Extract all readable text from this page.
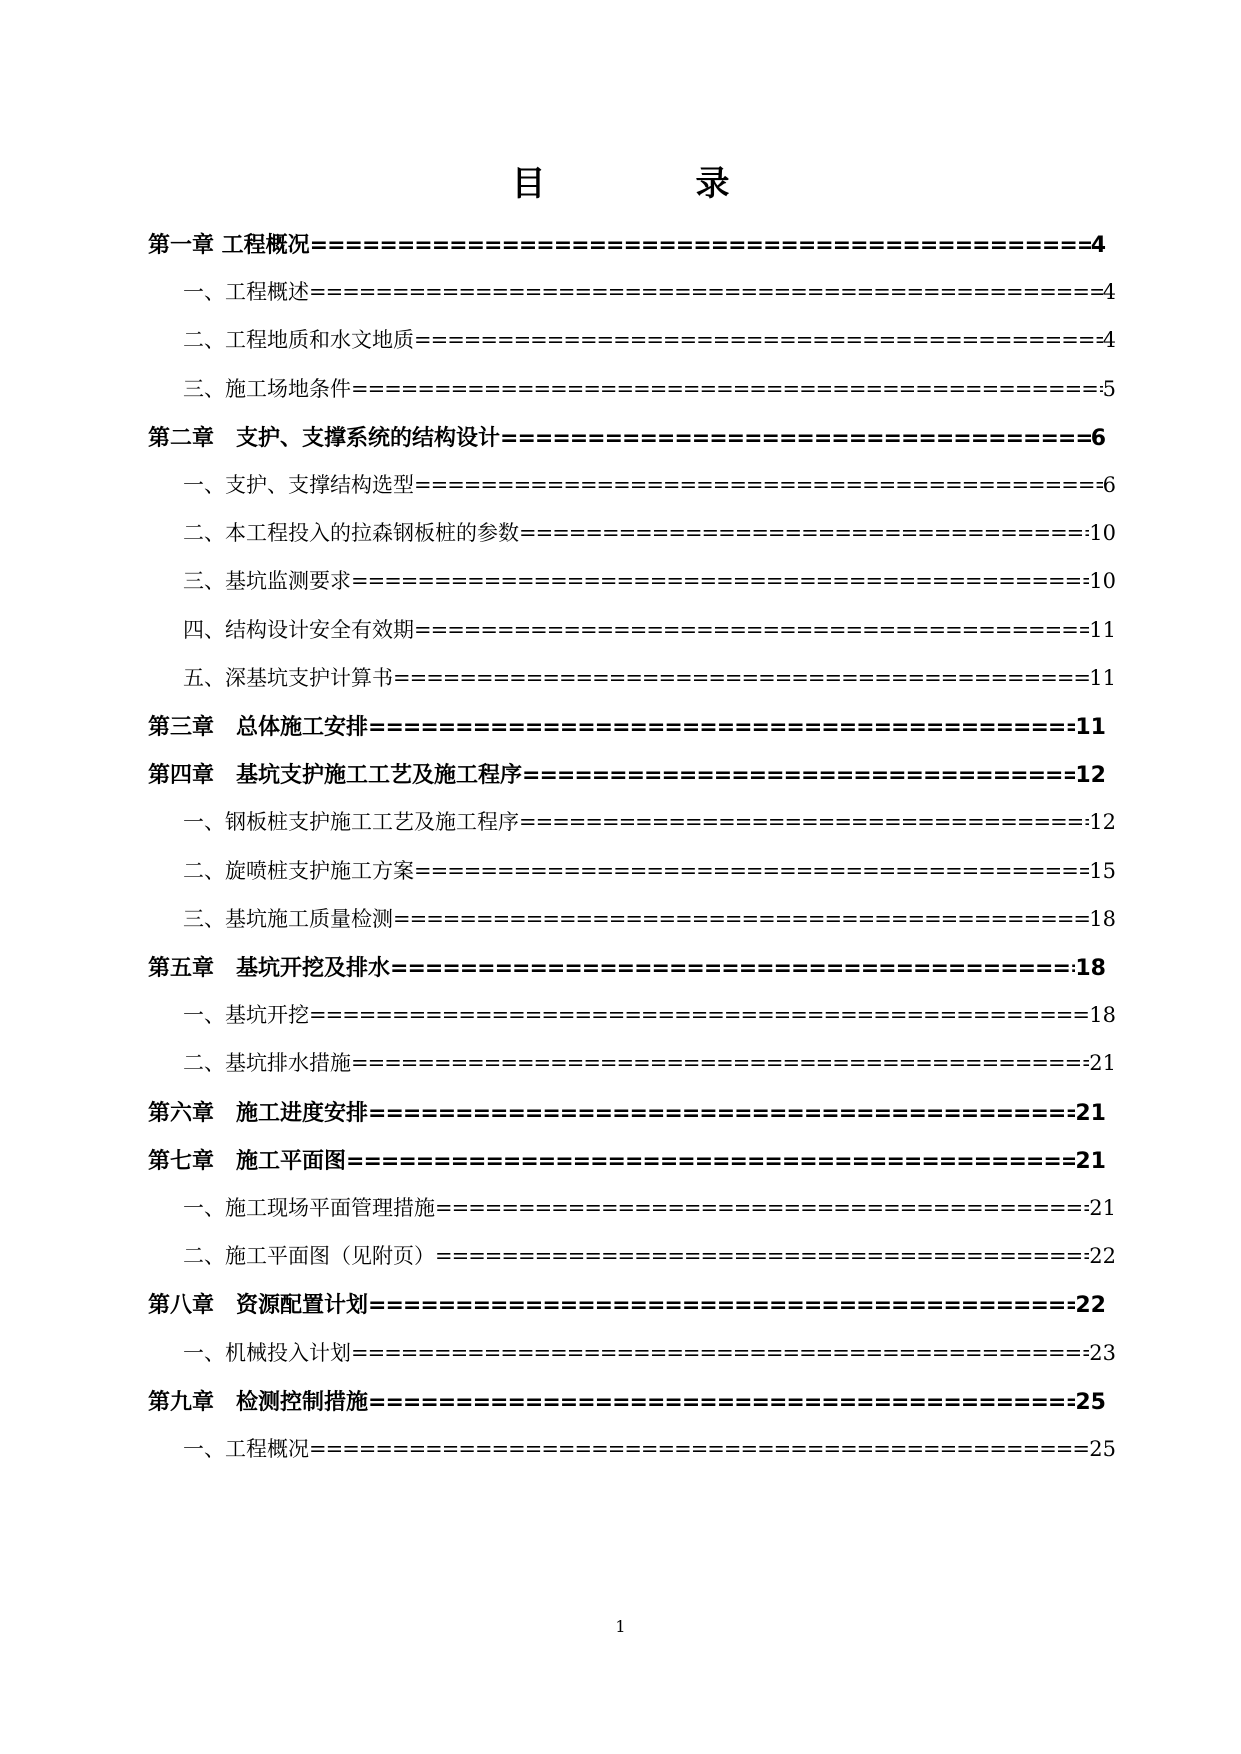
目　录
第一章 工程概况 =====	4
一、工程概述 =====	4
二、工程地质和水文地质 =====	4
三、施工场地条件 =====	5
第二章　支护、支撑系统的结构设计 =====	6
一、支护、支撑结构选型 =====	6
二、本工程投入的拉森钢板桩的参数 =====	10
三、基坑监测要求 =====	10
四、结构设计安全有效期 =====	11
五、深基坑支护计算书 =====	11
第三章　总体施工安排 =====	11
第四章　基坑支护施工工艺及施工程序 =====	12
一、钢板桩支护施工工艺及施工程序 =====	12
二、旋喷桩支护施工方案 =====	15
三、基坑施工质量检测 =====	18
第五章　基坑开挖及排水 =====	18
一、基坑开挖 =====	18
二、基坑排水措施 =====	21
第六章　施工进度安排 =====	21
第七章　施工平面图 =====	21
一、施工现场平面管理措施 =====	21
二、施工平面图（见附页） =====	22
第八章　资源配置计划 =====	22
一、机械投入计划 =====	23
第九章　检测控制措施 =====	25
一、工程概况 =====	25
1
